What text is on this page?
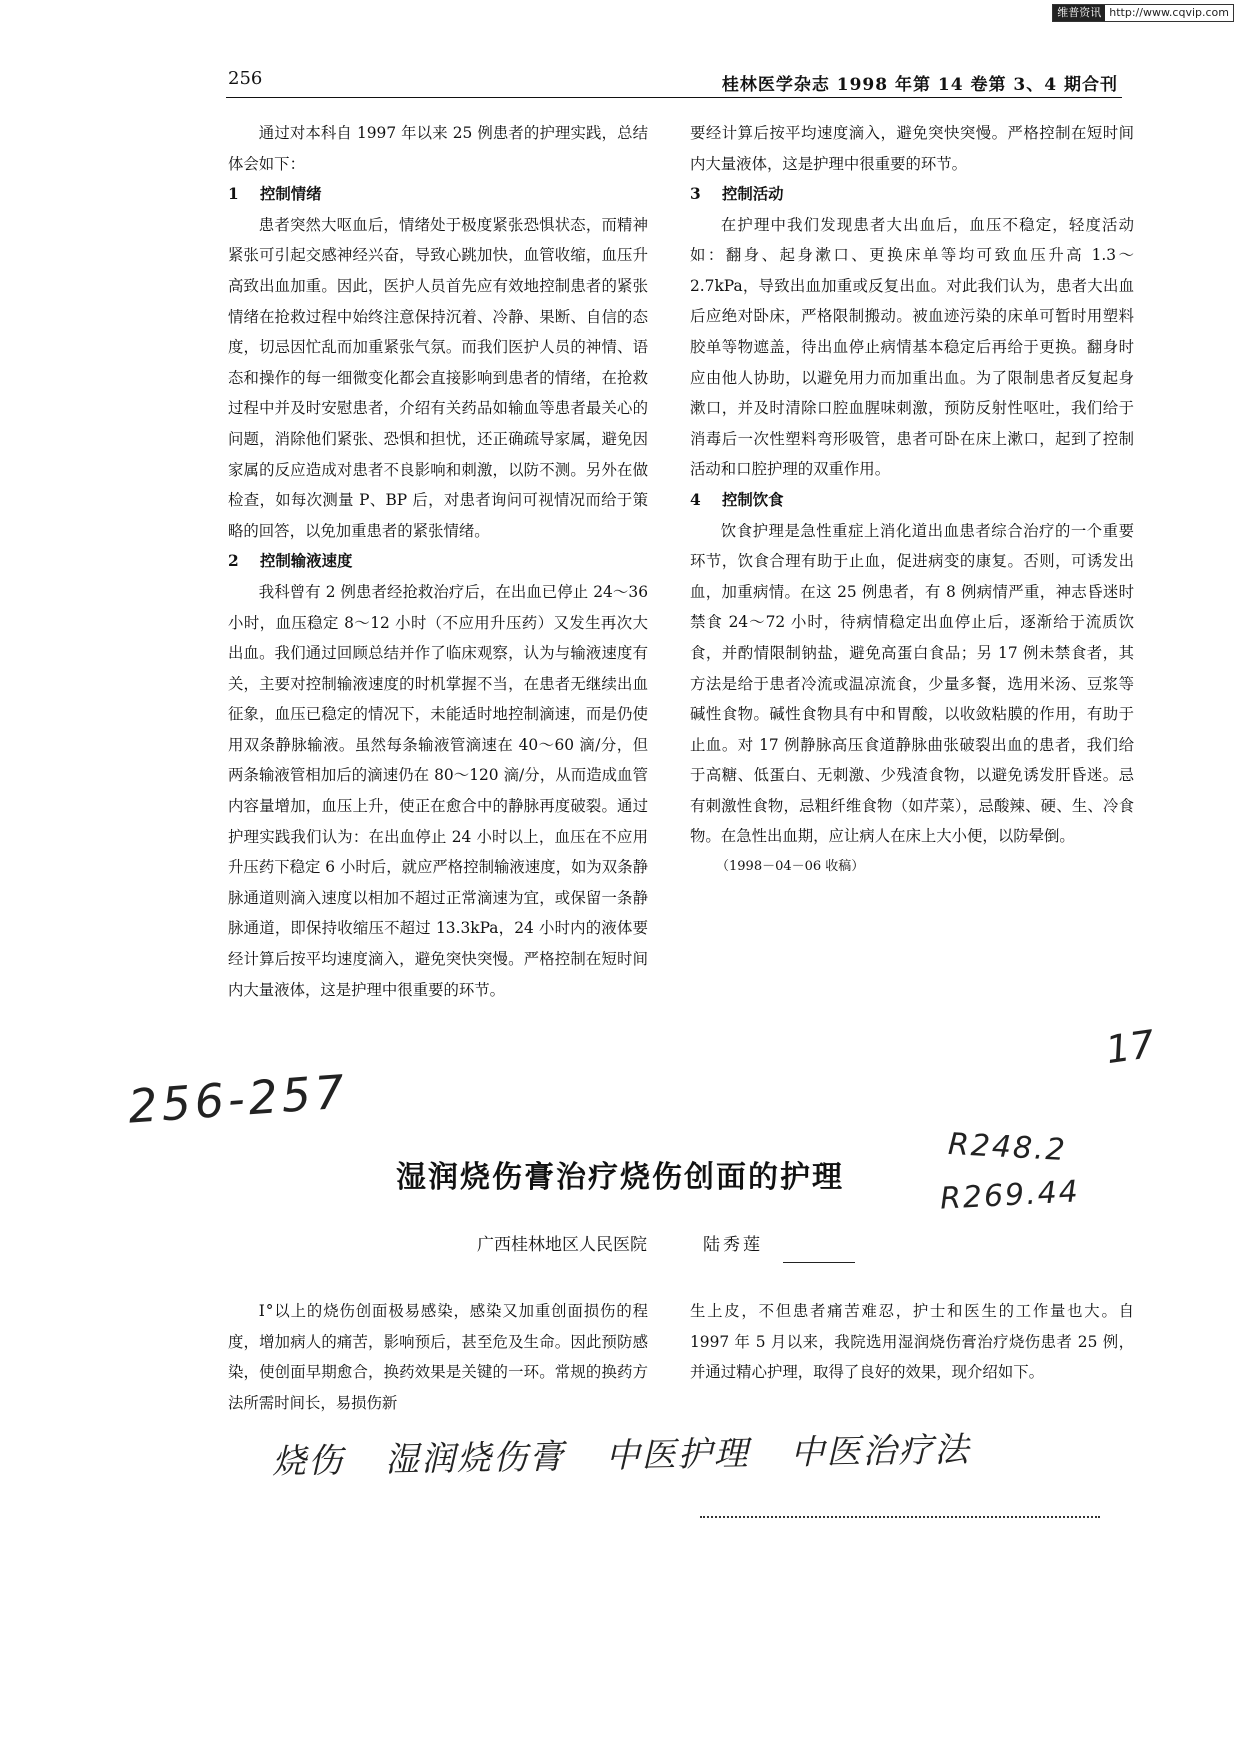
维普资讯 http://www.cqvip.com
256	桂林医学杂志 1998 年第 14 卷第 3、4 期合刊

通过对本科自 1997 年以来 25 例患者的护理实践，总结体会如下：

1 控制情绪

患者突然大呕血后，情绪处于极度紧张恐惧状态，而精神紧张可引起交感神经兴奋，导致心跳加快，血管收缩，血压升高致出血加重。因此，医护人员首先应有效地控制患者的紧张情绪在抢救过程中始终注意保持沉着、冷静、果断、自信的态度，切忌因忙乱而加重紧张气氛。而我们医护人员的神情、语态和操作的每一细微变化都会直接影响到患者的情绪，在抢救过程中并及时安慰患者，介绍有关药品如输血等患者最关心的问题，消除他们紧张、恐惧和担忧，还正确疏导家属，避免因家属的反应造成对患者不良影响和刺激，以防不测。另外在做检查，如每次测量 P、BP 后，对患者询问可视情况而给于策略的回答，以免加重患者的紧张情绪。

2 控制输液速度

我科曾有 2 例患者经抢救治疗后，在出血已停止 24～36 小时，血压稳定 8～12 小时（不应用升压药）又发生再次大出血。我们通过回顾总结并作了临床观察，认为与输液速度有关，主要对控制输液速度的时机掌握不当，在患者无继续出血征象，血压已稳定的情况下，未能适时地控制滴速，而是仍使用双条静脉输液。虽然每条输液管滴速在 40～60 滴/分，但两条输液管相加后的滴速仍在 80～120 滴/分，从而造成血管内容量增加，血压上升，使正在愈合中的静脉再度破裂。通过护理实践我们认为：在出血停止 24 小时以上，血压在不应用升压药下稳定 6 小时后，就应严格控制输液速度，如为双条静脉通道则滴入速度以相加不超过正常滴速为宜，或保留一条静脉通道，即保持收缩压不超过 13.3kPa，24 小时内的液体要经计算后按平均速度滴入，避免突快突慢。严格控制在短时间内大量液体，这是护理中很重要的环节。

要经计算后按平均速度滴入，避免突快突慢。严格控制在短时间内大量液体，这是护理中很重要的环节。
3 控制活动

在护理中我们发现患者大出血后，血压不稳定，轻度活动如：翻身、起身漱口、更换床单等均可致血压升高 1.3～2.7kPa，导致出血加重或反复出血。对此我们认为，患者大出血后应绝对卧床，严格限制搬动。被血迹污染的床单可暂时用塑料胶单等物遮盖，待出血停止病情基本稳定后再给于更换。翻身时应由他人协助，以避免用力而加重出血。为了限制患者反复起身漱口，并及时清除口腔血腥味刺激，预防反射性呕吐，我们给于消毒后一次性塑料弯形吸管，患者可卧在床上漱口，起到了控制活动和口腔护理的双重作用。

4 控制饮食

饮食护理是急性重症上消化道出血患者综合治疗的一个重要环节，饮食合理有助于止血，促进病变的康复。否则，可诱发出血，加重病情。在这 25 例患者，有 8 例病情严重，神志昏迷时禁食 24～72 小时，待病情稳定出血停止后，逐渐给于流质饮食，并酌情限制钠盐，避免高蛋白食品；另 17 例未禁食者，其方法是给于患者冷流或温凉流食，少量多餐，选用米汤、豆浆等碱性食物。碱性食物具有中和胃酸，以收敛粘膜的作用，有助于止血。对 17 例静脉高压食道静脉曲张破裂出血的患者，我们给于高糖、低蛋白、无刺激、少残渣食物，以避免诱发肝昏迷。忌有刺激性食物，忌粗纤维食物（如芹菜），忌酸辣、硬、生、冷食物。在急性出血期，应让病人在床上大小便，以防晕倒。

（1998－04－06 收稿）
256-257
17
R248.2
R269.44
湿润烧伤膏治疗烧伤创面的护理
广西桂林地区人民医院	陆秀莲

Ⅰ°以上的烧伤创面极易感染，感染又加重创面损伤的程度，增加病人的痛苦，影响预后，甚至危及生命。因此预防感染，使创面早期愈合，换药效果是关键的一环。常规的换药方法所需时间长，易损伤新

生上皮，不但患者痛苦难忍，护士和医生的工作量也大。自 1997 年 5 月以来，我院选用湿润烧伤膏治疗烧伤患者 25 例，并通过精心护理，取得了良好的效果，现介绍如下。
烧伤 湿润烧伤膏 中医护理 中医治疗法
